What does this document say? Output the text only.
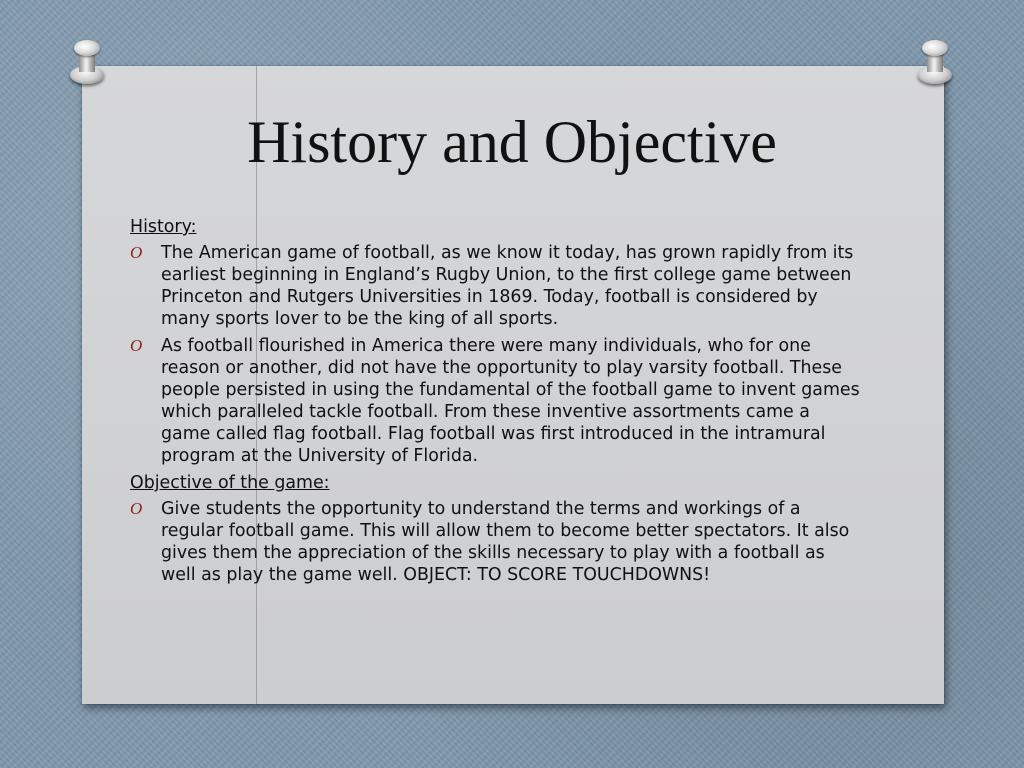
History and Objective
History:
O The American game of football, as we know it today, has grown rapidly from its earliest beginning in England’s Rugby Union, to the first college game between Princeton and Rutgers Universities in 1869. Today, football is considered by many sports lover to be the king of all sports.
O As football flourished in America there were many individuals, who for one reason or another, did not have the opportunity to play varsity football. These people persisted in using the fundamental of the football game to invent games which paralleled tackle football. From these inventive assortments came a game called flag football. Flag football was first introduced in the intramural program at the University of Florida.
Objective of the game:
O Give students the opportunity to understand the terms and workings of a regular football game. This will allow them to become better spectators. It also gives them the appreciation of the skills necessary to play with a football as well as play the game well. OBJECT: TO SCORE TOUCHDOWNS!
